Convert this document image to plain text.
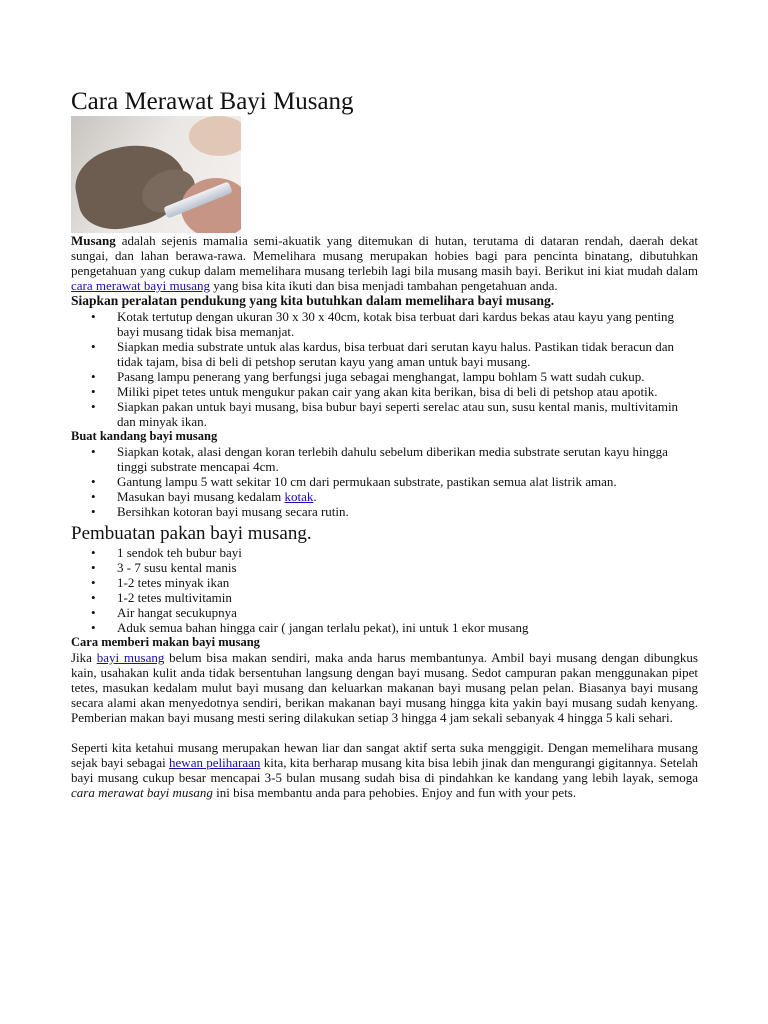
Cara Merawat Bayi Musang

Musang adalah sejenis mamalia semi-akuatik yang ditemukan di hutan, terutama di dataran rendah, daerah dekat sungai, dan lahan berawa-rawa. Memelihara musang merupakan hobies bagi para pencinta binatang, dibutuhkan pengetahuan yang cukup dalam memelihara musang terlebih lagi bila musang masih bayi. Berikut ini kiat mudah dalam cara merawat bayi musang yang bisa kita ikuti dan bisa menjadi tambahan pengetahuan anda.

Siapkan peralatan pendukung yang kita butuhkan dalam memelihara bayi musang.
• Kotak tertutup dengan ukuran 30 x 30 x 40cm, kotak bisa terbuat dari kardus bekas atau kayu yang penting bayi musang tidak bisa memanjat.
• Siapkan media substrate untuk alas kardus, bisa terbuat dari serutan kayu halus. Pastikan tidak beracun dan tidak tajam, bisa di beli di petshop serutan kayu yang aman untuk bayi musang.
• Pasang lampu penerang yang berfungsi juga sebagai menghangat, lampu bohlam 5 watt sudah cukup.
• Miliki pipet tetes untuk mengukur pakan cair yang akan kita berikan, bisa di beli di petshop atau apotik.
• Siapkan pakan untuk bayi musang, bisa bubur bayi seperti serelac atau sun, susu kental manis, multivitamin dan minyak ikan.
Buat kandang bayi musang
• Siapkan kotak, alasi dengan koran terlebih dahulu sebelum diberikan media substrate serutan kayu hingga tinggi substrate mencapai 4cm.
• Gantung lampu 5 watt sekitar 10 cm dari permukaan substrate, pastikan semua alat listrik aman.
• Masukan bayi musang kedalam kotak.
• Bersihkan kotoran bayi musang secara rutin.
Pembuatan pakan bayi musang.
• 1 sendok teh bubur bayi
• 3 - 7 susu kental manis
• 1-2 tetes minyak ikan
• 1-2 tetes multivitamin
• Air hangat secukupnya
• Aduk semua bahan hingga cair ( jangan terlalu pekat), ini untuk 1 ekor musang
Cara memberi makan bayi musang

Jika bayi musang belum bisa makan sendiri, maka anda harus membantunya. Ambil bayi musang dengan dibungkus kain, usahakan kulit anda tidak bersentuhan langsung dengan bayi musang. Sedot campuran pakan menggunakan pipet tetes, masukan kedalam mulut bayi musang dan keluarkan makanan bayi musang pelan pelan. Biasanya bayi musang secara alami akan menyedotnya sendiri, berikan makanan bayi musang hingga kita yakin bayi musang sudah kenyang. Pemberian makan bayi musang mesti sering dilakukan setiap 3 hingga 4 jam sekali sebanyak 4 hingga 5 kali sehari.

Seperti kita ketahui musang merupakan hewan liar dan sangat aktif serta suka menggigit. Dengan memelihara musang sejak bayi sebagai hewan peliharaan kita, kita berharap musang kita bisa lebih jinak dan mengurangi gigitannya. Setelah bayi musang cukup besar mencapai 3-5 bulan musang sudah bisa di pindahkan ke kandang yang lebih layak, semoga cara merawat bayi musang ini bisa membantu anda para pehobies. Enjoy and fun with your pets.
